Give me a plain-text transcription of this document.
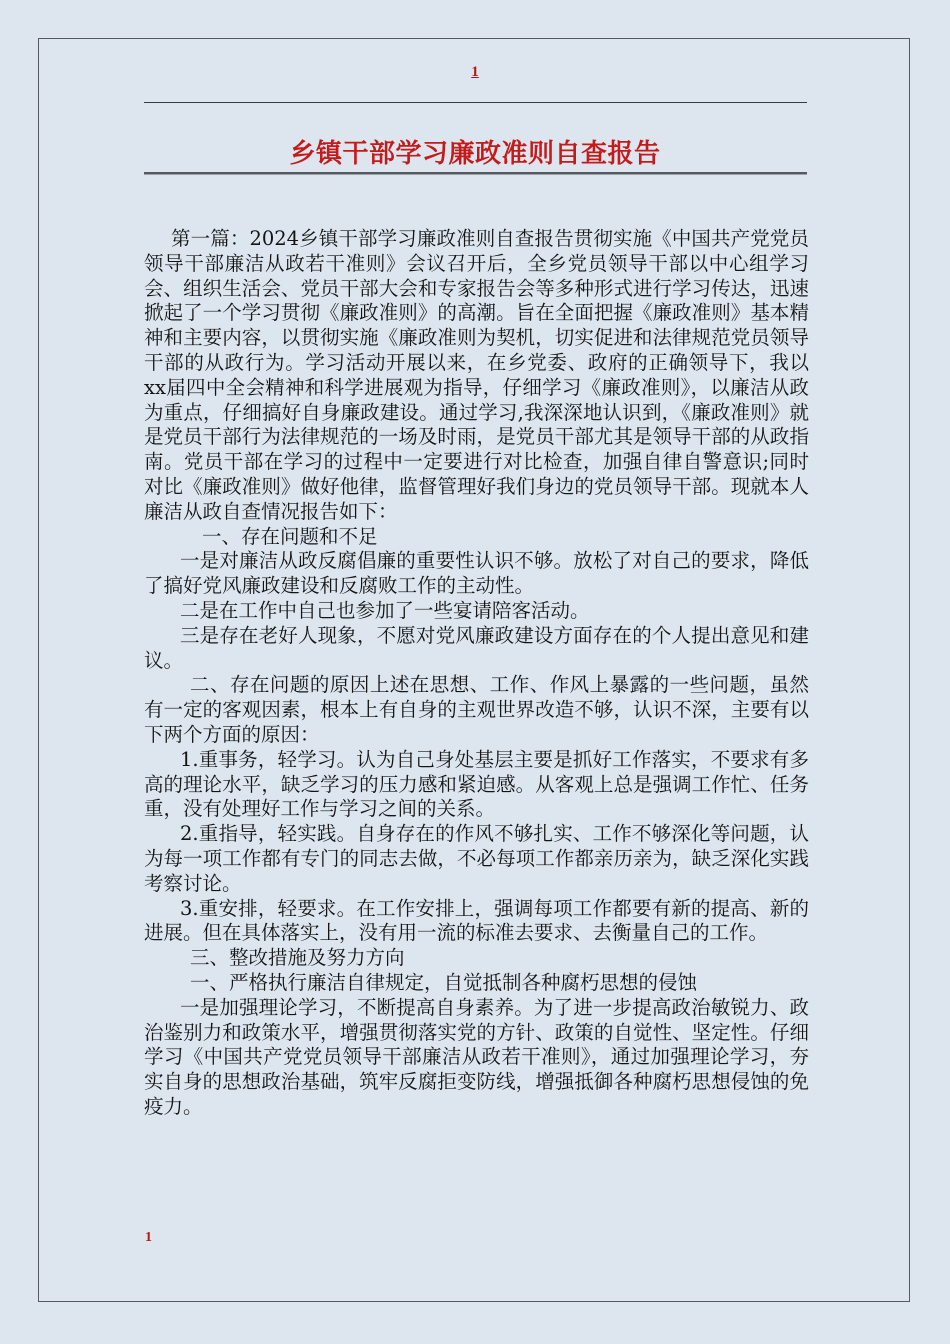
1
乡镇干部学习廉政准则自查报告

第一篇：2024乡镇干部学习廉政准则自查报告贯彻实施《中国共产党党员领导干部廉洁从政若干准则》会议召开后，全乡党员领导干部以中心组学习会、组织生活会、党员干部大会和专家报告会等多种形式进行学习传达，迅速掀起了一个学习贯彻《廉政准则》的高潮。旨在全面把握《廉政准则》基本精神和主要内容，以贯彻实施《廉政准则为契机，切实促进和法律规范党员领导干部的从政行为。学习活动开展以来，在乡党委、政府的正确领导下，我以xx届四中全会精神和科学进展观为指导，仔细学习《廉政准则》，以廉洁从政为重点，仔细搞好自身廉政建设。通过学习,我深深地认识到，《廉政准则》就是党员干部行为法律规范的一场及时雨，是党员干部尤其是领导干部的从政指南。党员干部在学习的过程中一定要进行对比检查，加强自律自警意识;同时对比《廉政准则》做好他律，监督管理好我们身边的党员领导干部。现就本人廉洁从政自查情况报告如下：

一、存在问题和不足

一是对廉洁从政反腐倡廉的重要性认识不够。放松了对自己的要求，降低了搞好党风廉政建设和反腐败工作的主动性。

二是在工作中自己也参加了一些宴请陪客活动。

三是存在老好人现象，不愿对党风廉政建设方面存在的个人提出意见和建议。

二、存在问题的原因上述在思想、工作、作风上暴露的一些问题，虽然有一定的客观因素，根本上有自身的主观世界改造不够，认识不深，主要有以下两个方面的原因：

1.重事务，轻学习。认为自己身处基层主要是抓好工作落实，不要求有多高的理论水平，缺乏学习的压力感和紧迫感。从客观上总是强调工作忙、任务重，没有处理好工作与学习之间的关系。

2.重指导，轻实践。自身存在的作风不够扎实、工作不够深化等问题，认为每一项工作都有专门的同志去做，不必每项工作都亲历亲为，缺乏深化实践考察讨论。

3.重安排，轻要求。在工作安排上，强调每项工作都要有新的提高、新的进展。但在具体落实上，没有用一流的标准去要求、去衡量自己的工作。

三、整改措施及努力方向

一、严格执行廉洁自律规定，自觉抵制各种腐朽思想的侵蚀

一是加强理论学习，不断提高自身素养。为了进一步提高政治敏锐力、政治鉴别力和政策水平，增强贯彻落实党的方针、政策的自觉性、坚定性。仔细学习《中国共产党党员领导干部廉洁从政若干准则》，通过加强理论学习，夯实自身的思想政治基础，筑牢反腐拒变防线，增强抵御各种腐朽思想侵蚀的免疫力。

1
